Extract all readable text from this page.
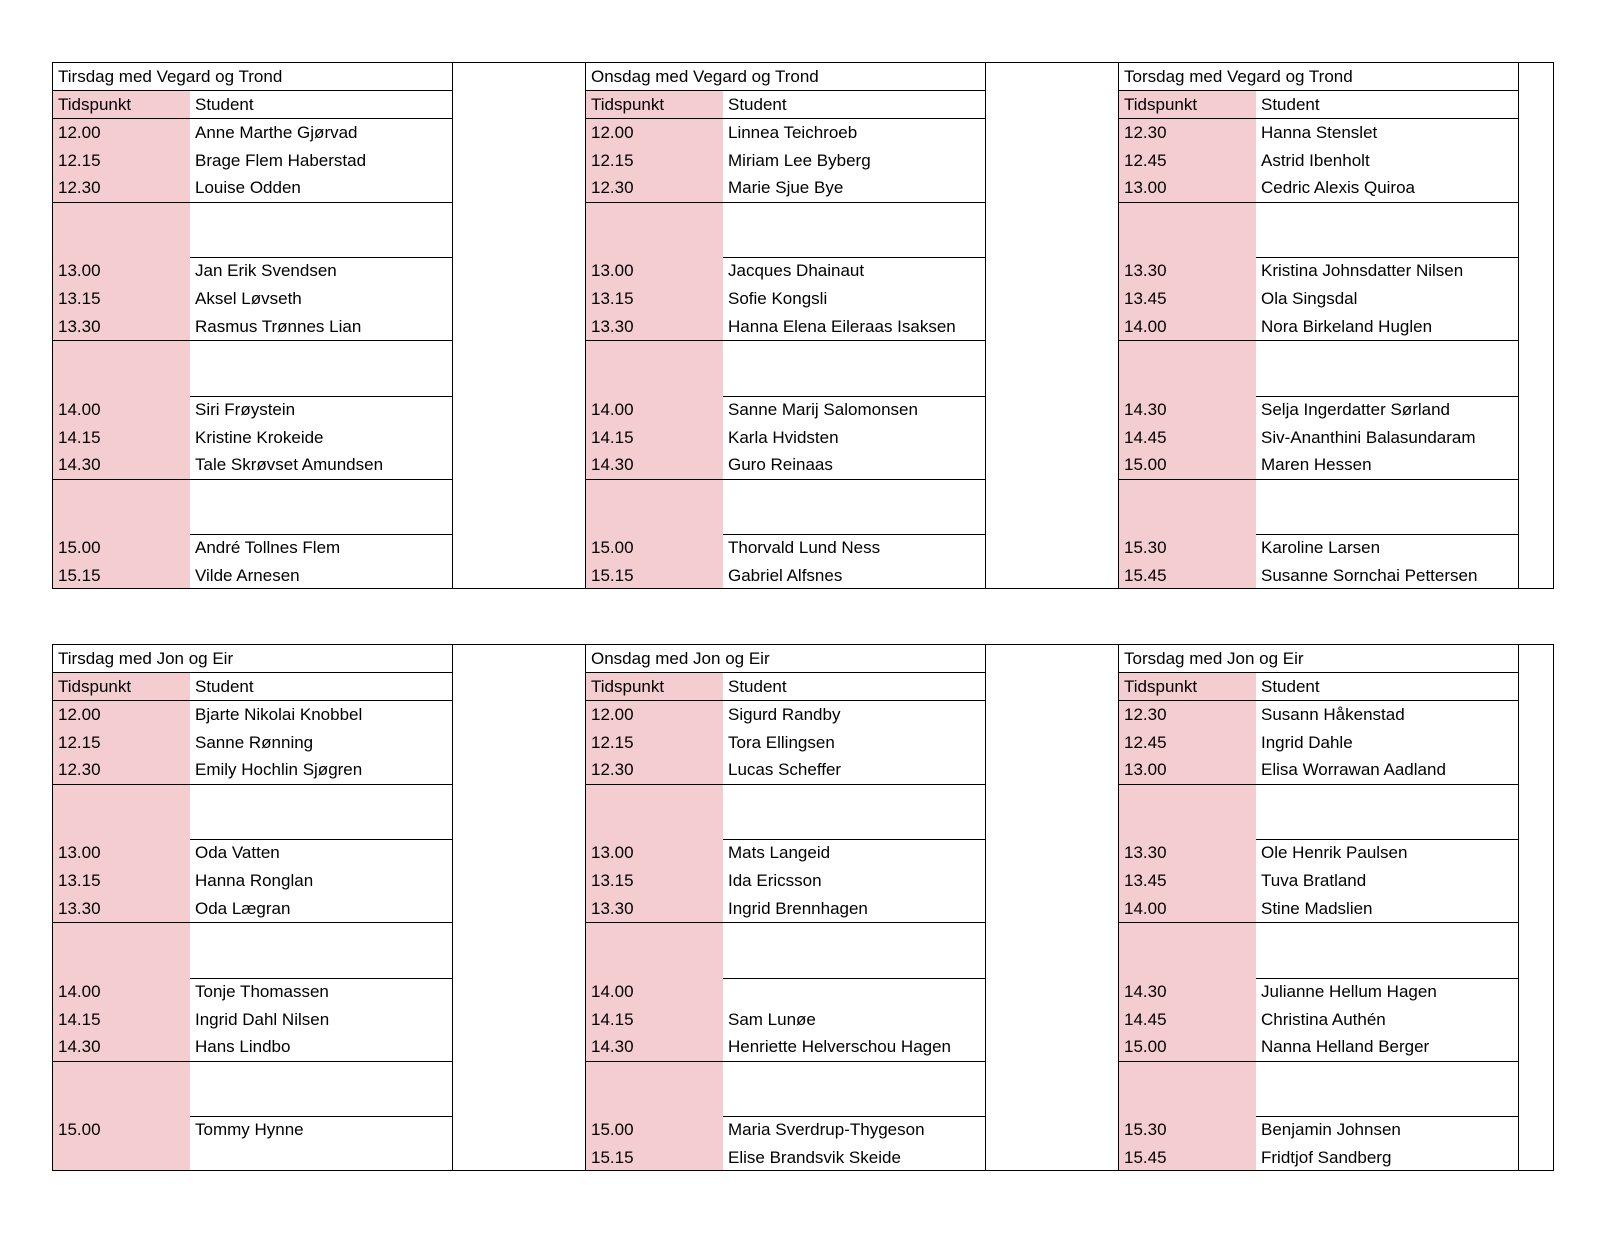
Tirsdag med Vegard og Trond
Tidspunkt	Student
12.00	Anne Marthe Gjørvad
12.15	Brage Flem Haberstad
12.30	Louise Odden
13.00	Jan Erik Svendsen
13.15	Aksel Løvseth
13.30	Rasmus Trønnes Lian
14.00	Siri Frøystein
14.15	Kristine Krokeide
14.30	Tale Skrøvset Amundsen
15.00	André Tollnes Flem
15.15	Vilde Arnesen
Onsdag med Vegard og Trond
Tidspunkt	Student
12.00	Linnea Teichroeb
12.15	Miriam Lee Byberg
12.30	Marie Sjue Bye
13.00	Jacques Dhainaut
13.15	Sofie Kongsli
13.30	Hanna Elena Eileraas Isaksen
14.00	Sanne Marij Salomonsen
14.15	Karla Hvidsten
14.30	Guro Reinaas
15.00	Thorvald Lund Ness
15.15	Gabriel Alfsnes
Torsdag med Vegard og Trond
Tidspunkt	Student
12.30	Hanna Stenslet
12.45	Astrid Ibenholt
13.00	Cedric Alexis Quiroa
13.30	Kristina Johnsdatter Nilsen
13.45	Ola Singsdal
14.00	Nora Birkeland Huglen
14.30	Selja Ingerdatter Sørland
14.45	Siv-Ananthini Balasundaram
15.00	Maren Hessen
15.30	Karoline Larsen
15.45	Susanne Sornchai Pettersen
Tirsdag med Jon og Eir
Tidspunkt	Student
12.00	Bjarte Nikolai Knobbel
12.15	Sanne Rønning
12.30	Emily Hochlin Sjøgren
13.00	Oda Vatten
13.15	Hanna Ronglan
13.30	Oda Lægran
14.00	Tonje Thomassen
14.15	Ingrid Dahl Nilsen
14.30	Hans Lindbo
15.00	Tommy Hynne
Onsdag med Jon og Eir
Tidspunkt	Student
12.00	Sigurd Randby
12.15	Tora Ellingsen
12.30	Lucas Scheffer
13.00	Mats Langeid
13.15	Ida Ericsson
13.30	Ingrid Brennhagen
14.00
14.15	Sam Lunøe
14.30	Henriette Helverschou Hagen
15.00	Maria Sverdrup-Thygeson
15.15	Elise Brandsvik Skeide
Torsdag med Jon og Eir
Tidspunkt	Student
12.30	Susann Håkenstad
12.45	Ingrid Dahle
13.00	Elisa Worrawan Aadland
13.30	Ole Henrik Paulsen
13.45	Tuva Bratland
14.00	Stine Madslien
14.30	Julianne Hellum Hagen
14.45	Christina Authén
15.00	Nanna Helland Berger
15.30	Benjamin Johnsen
15.45	Fridtjof Sandberg
